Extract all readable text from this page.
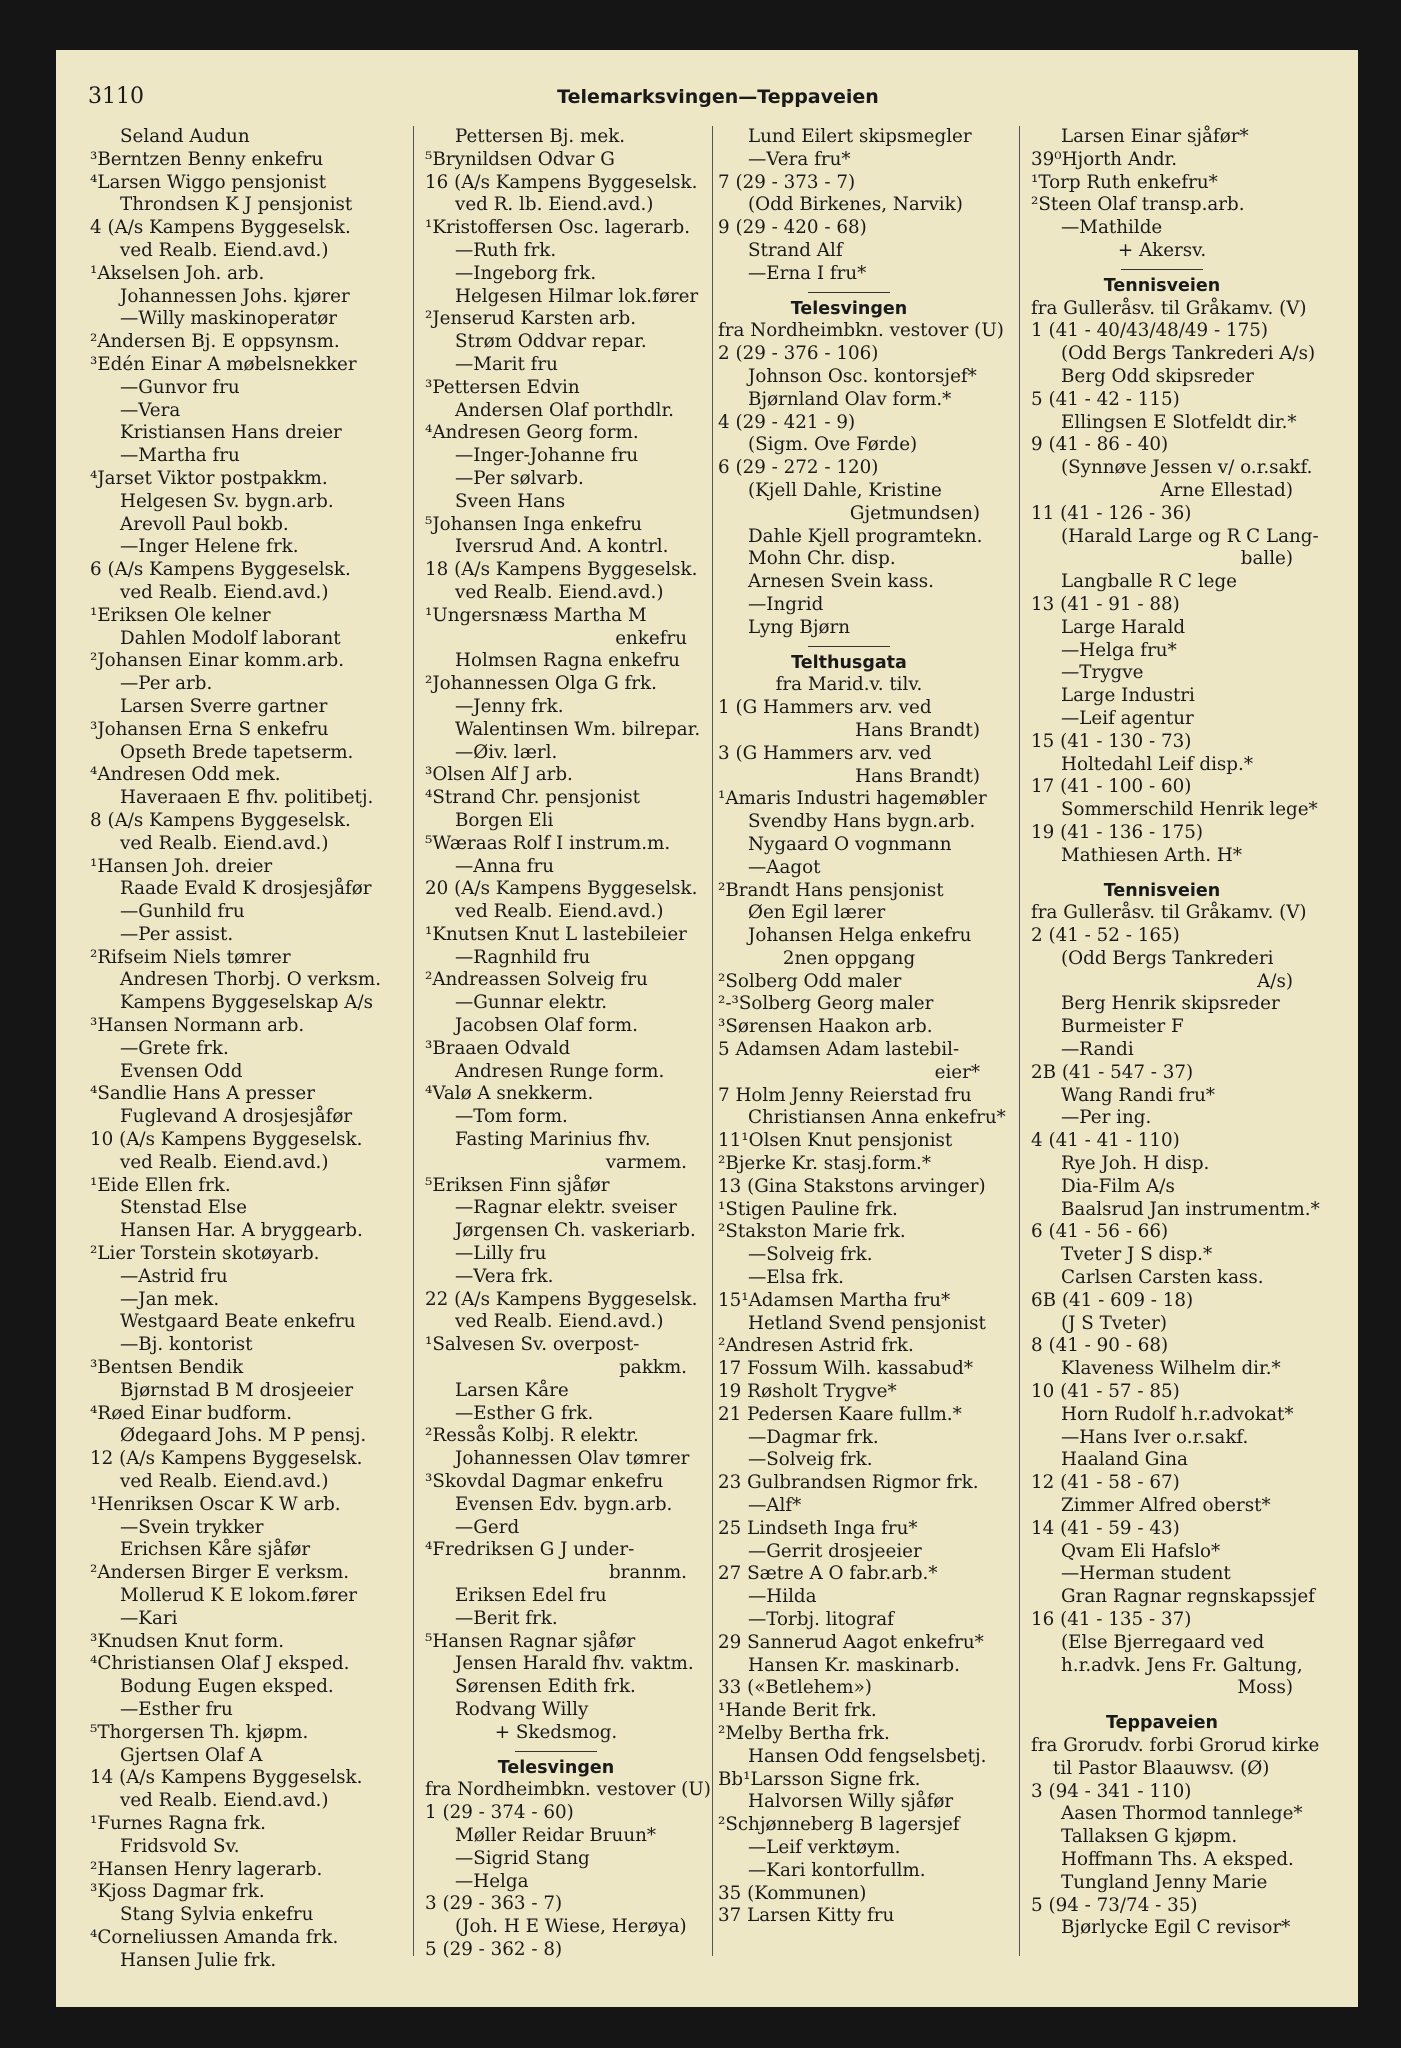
3110	Telemarksvingen—Teppaveien
Seland Audun
³Berntzen Benny enkefru
⁴Larsen Wiggo pensjonist
Throndsen K J pensjonist
4 (A/s Kampens Byggeselsk.
ved Realb. Eiend.avd.)
¹Akselsen Joh. arb.
Johannessen Johs. kjører
—Willy maskinoperatør
²Andersen Bj. E oppsynsm.
³Edén Einar A møbelsnekker
—Gunvor fru
—Vera
Kristiansen Hans dreier
—Martha fru
⁴Jarset Viktor postpakkm.
Helgesen Sv. bygn.arb.
Arevoll Paul bokb.
—Inger Helene frk.
6 (A/s Kampens Byggeselsk.
ved Realb. Eiend.avd.)
¹Eriksen Ole kelner
Dahlen Modolf laborant
²Johansen Einar komm.arb.
—Per arb.
Larsen Sverre gartner
³Johansen Erna S enkefru
Opseth Brede tapetserm.
⁴Andresen Odd mek.
Haveraaen E fhv. politibetj.
8 (A/s Kampens Byggeselsk.
ved Realb. Eiend.avd.)
¹Hansen Joh. dreier
Raade Evald K drosjesjåfør
—Gunhild fru
—Per assist.
²Rifseim Niels tømrer
Andresen Thorbj. O verksm.
Kampens Byggeselskap A/s
³Hansen Normann arb.
—Grete frk.
Evensen Odd
⁴Sandlie Hans A presser
Fuglevand A drosjesjåfør
10 (A/s Kampens Byggeselsk.
ved Realb. Eiend.avd.)
¹Eide Ellen frk.
Stenstad Else
Hansen Har. A bryggearb.
²Lier Torstein skotøyarb.
—Astrid fru
—Jan mek.
Westgaard Beate enkefru
—Bj. kontorist
³Bentsen Bendik
Bjørnstad B M drosjeeier
⁴Røed Einar budform.
Ødegaard Johs. M P pensj.
12 (A/s Kampens Byggeselsk.
ved Realb. Eiend.avd.)
¹Henriksen Oscar K W arb.
—Svein trykker
Erichsen Kåre sjåfør
²Andersen Birger E verksm.
Mollerud K E lokom.fører
—Kari
³Knudsen Knut form.
⁴Christiansen Olaf J eksped.
Bodung Eugen eksped.
—Esther fru
⁵Thorgersen Th. kjøpm.
Gjertsen Olaf A
14 (A/s Kampens Byggeselsk.
ved Realb. Eiend.avd.)
¹Furnes Ragna frk.
Fridsvold Sv.
²Hansen Henry lagerarb.
³Kjoss Dagmar frk.
Stang Sylvia enkefru
⁴Corneliussen Amanda frk.
Hansen Julie frk.
Pettersen Bj. mek.
⁵Brynildsen Odvar G
16 (A/s Kampens Byggeselsk.
ved R. lb. Eiend.avd.)
¹Kristoffersen Osc. lagerarb.
—Ruth frk.
—Ingeborg frk.
Helgesen Hilmar lok.fører
²Jenserud Karsten arb.
Strøm Oddvar repar.
—Marit fru
³Pettersen Edvin
Andersen Olaf porthdlr.
⁴Andresen Georg form.
—Inger-Johanne fru
—Per sølvarb.
Sveen Hans
⁵Johansen Inga enkefru
Iversrud And. A kontrl.
18 (A/s Kampens Byggeselsk.
ved Realb. Eiend.avd.)
¹Ungersnæss Martha M
enkefru
Holmsen Ragna enkefru
²Johannessen Olga G frk.
—Jenny frk.
Walentinsen Wm. bilrepar.
—Øiv. lærl.
³Olsen Alf J arb.
⁴Strand Chr. pensjonist
Borgen Eli
⁵Wæraas Rolf I instrum.m.
—Anna fru
20 (A/s Kampens Byggeselsk.
ved Realb. Eiend.avd.)
¹Knutsen Knut L lastebileier
—Ragnhild fru
²Andreassen Solveig fru
—Gunnar elektr.
Jacobsen Olaf form.
³Braaen Odvald
Andresen Runge form.
⁴Valø A snekkerm.
—Tom form.
Fasting Marinius fhv.
varmem.
⁵Eriksen Finn sjåfør
—Ragnar elektr. sveiser
Jørgensen Ch. vaskeriarb.
—Lilly fru
—Vera frk.
22 (A/s Kampens Byggeselsk.
ved Realb. Eiend.avd.)
¹Salvesen Sv. overpost-
pakkm.
Larsen Kåre
—Esther G frk.
²Ressås Kolbj. R elektr.
Johannessen Olav tømrer
³Skovdal Dagmar enkefru
Evensen Edv. bygn.arb.
—Gerd
⁴Fredriksen G J under-
brannm.
Eriksen Edel fru
—Berit frk.
⁵Hansen Ragnar sjåfør
Jensen Harald fhv. vaktm.
Sørensen Edith frk.
Rodvang Willy
+ Skedsmog.
Telesvingen
fra Nordheimbkn. vestover (U)
1 (29 - 374 - 60)
Møller Reidar Bruun*
—Sigrid Stang
—Helga
3 (29 - 363 - 7)
(Joh. H E Wiese, Herøya)
5 (29 - 362 - 8)
Lund Eilert skipsmegler
—Vera fru*
7 (29 - 373 - 7)
(Odd Birkenes, Narvik)
9 (29 - 420 - 68)
Strand Alf
—Erna I fru*
Telesvingen
fra Nordheimbkn. vestover (U)
2 (29 - 376 - 106)
Johnson Osc. kontorsjef*
Bjørnland Olav form.*
4 (29 - 421 - 9)
(Sigm. Ove Førde)
6 (29 - 272 - 120)
(Kjell Dahle, Kristine
Gjetmundsen)
Dahle Kjell programtekn.
Mohn Chr. disp.
Arnesen Svein kass.
—Ingrid
Lyng Bjørn
Telthusgata
fra Marid.v. tilv.
1 (G Hammers arv. ved
Hans Brandt)
3 (G Hammers arv. ved
Hans Brandt)
¹Amaris Industri hagemøbler
Svendby Hans bygn.arb.
Nygaard O vognmann
—Aagot
²Brandt Hans pensjonist
Øen Egil lærer
Johansen Helga enkefru
2nen oppgang
²Solberg Odd maler
²-³Solberg Georg maler
³Sørensen Haakon arb.
5 Adamsen Adam lastebil-
eier*
7 Holm Jenny Reierstad fru
Christiansen Anna enkefru*
11¹Olsen Knut pensjonist
²Bjerke Kr. stasj.form.*
13 (Gina Stakstons arvinger)
¹Stigen Pauline frk.
²Stakston Marie frk.
—Solveig frk.
—Elsa frk.
15¹Adamsen Martha fru*
Hetland Svend pensjonist
²Andresen Astrid frk.
17 Fossum Wilh. kassabud*
19 Røsholt Trygve*
21 Pedersen Kaare fullm.*
—Dagmar frk.
—Solveig frk.
23 Gulbrandsen Rigmor frk.
—Alf*
25 Lindseth Inga fru*
—Gerrit drosjeeier
27 Sætre A O fabr.arb.*
—Hilda
—Torbj. litograf
29 Sannerud Aagot enkefru*
Hansen Kr. maskinarb.
33 («Betlehem»)
¹Hande Berit frk.
²Melby Bertha frk.
Hansen Odd fengselsbetj.
Bb¹Larsson Signe frk.
Halvorsen Willy sjåfør
²Schjønneberg B lagersjef
—Leif verktøym.
—Kari kontorfullm.
35 (Kommunen)
37 Larsen Kitty fru
Larsen Einar sjåfør*
39⁰Hjorth Andr.
¹Torp Ruth enkefru*
²Steen Olaf transp.arb.
—Mathilde
+ Akersv.
Tennisveien
fra Gulleråsv. til Gråkamv. (V)
1 (41 - 40/43/48/49 - 175)
(Odd Bergs Tankrederi A/s)
Berg Odd skipsreder
5 (41 - 42 - 115)
Ellingsen E Slotfeldt dir.*
9 (41 - 86 - 40)
(Synnøve Jessen v/ o.r.sakf.
Arne Ellestad)
11 (41 - 126 - 36)
(Harald Large og R C Lang-
balle)
Langballe R C lege
13 (41 - 91 - 88)
Large Harald
—Helga fru*
—Trygve
Large Industri
—Leif agentur
15 (41 - 130 - 73)
Holtedahl Leif disp.*
17 (41 - 100 - 60)
Sommerschild Henrik lege*
19 (41 - 136 - 175)
Mathiesen Arth. H*
Tennisveien
fra Gulleråsv. til Gråkamv. (V)
2 (41 - 52 - 165)
(Odd Bergs Tankrederi
A/s)
Berg Henrik skipsreder
Burmeister F
—Randi
2B (41 - 547 - 37)
Wang Randi fru*
—Per ing.
4 (41 - 41 - 110)
Rye Joh. H disp.
Dia-Film A/s
Baalsrud Jan instrumentm.*
6 (41 - 56 - 66)
Tveter J S disp.*
Carlsen Carsten kass.
6B (41 - 609 - 18)
(J S Tveter)
8 (41 - 90 - 68)
Klaveness Wilhelm dir.*
10 (41 - 57 - 85)
Horn Rudolf h.r.advokat*
—Hans Iver o.r.sakf.
Haaland Gina
12 (41 - 58 - 67)
Zimmer Alfred oberst*
14 (41 - 59 - 43)
Qvam Eli Hafslo*
—Herman student
Gran Ragnar regnskapssjef
16 (41 - 135 - 37)
(Else Bjerregaard ved
h.r.advk. Jens Fr. Galtung,
Moss)
Teppaveien
fra Grorudv. forbi Grorud kirke
til Pastor Blaauwsv. (Ø)
3 (94 - 341 - 110)
Aasen Thormod tannlege*
Tallaksen G kjøpm.
Hoffmann Ths. A eksped.
Tungland Jenny Marie
5 (94 - 73/74 - 35)
Bjørlycke Egil C revisor*
